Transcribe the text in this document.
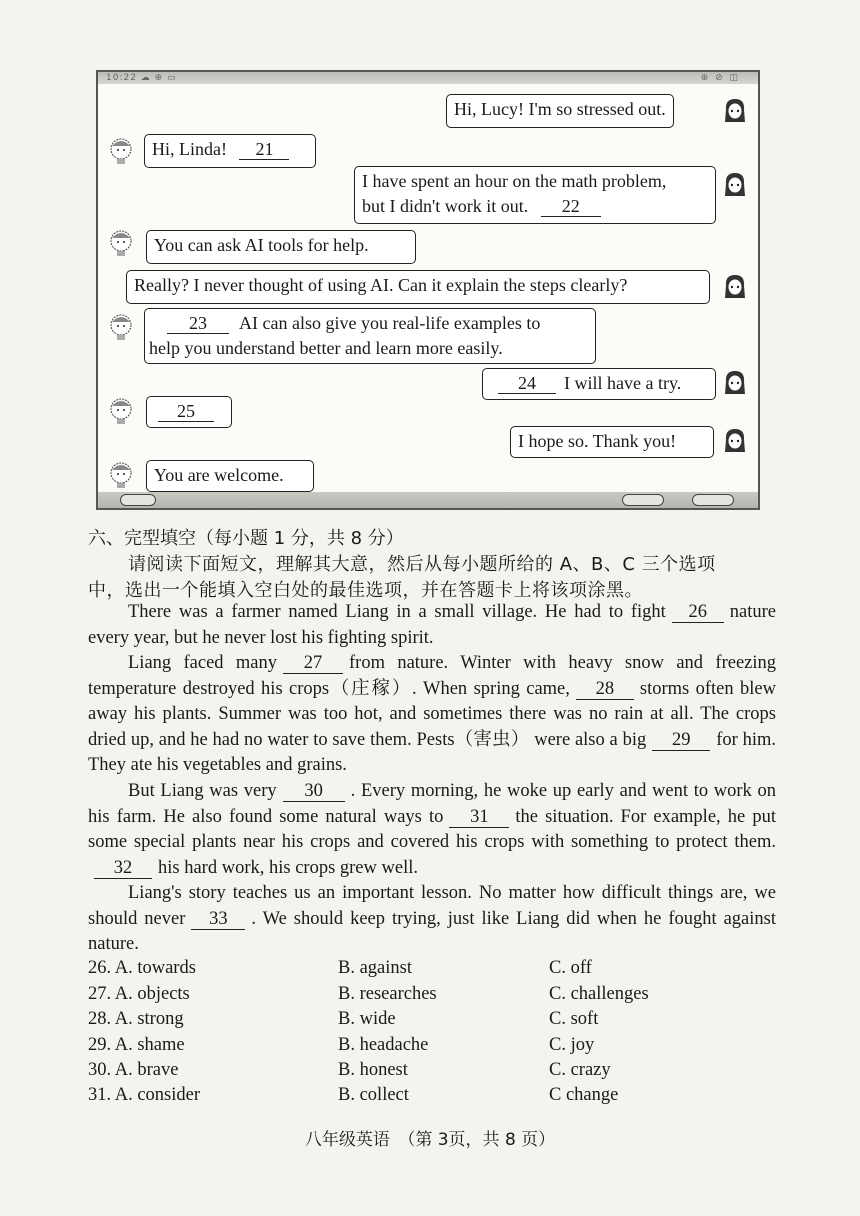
10:22 ☁ ⊕ ▭	⊕ ⊘ ◫
Hi, Lucy! I'm so stressed out.
Hi, Linda! 21
I have spent an hour on the math problem,
but I didn't work it out. 22
You can ask AI tools for help.
Really? I never thought of using AI. Can it explain the steps clearly?
23 AI can also give you real-life examples to
help you understand better and learn more easily.
24 I will have a try.
25
I hope so. Thank you!
You are welcome.
六、完型填空（每小题 1 分，共 8 分）
请阅读下面短文，理解其大意，然后从每小题所给的 A、B、C 三个选项
中，选出一个能填入空白处的最佳选项，并在答题卡上将该项涂黑。
There was a farmer named Liang in a small village. He had to fight 26 nature every year, but he never lost his fighting spirit.
Liang faced many 27 from nature. Winter with heavy snow and freezing temperature destroyed his crops（庄稼）. When spring came, 28 storms often blew away his plants. Summer was too hot, and sometimes there was no rain at all. The crops dried up, and he had no water to save them. Pests（害虫） were also a big 29 for him. They ate his vegetables and grains.
But Liang was very 30 . Every morning, he woke up early and went to work on his farm. He also found some natural ways to 31 the situation. For example, he put some special plants near his crops and covered his crops with something to protect them.32 his hard work, his crops grew well.
Liang's story teaches us an important lesson. No matter how difficult things are, we should never 33 . We should keep trying, just like Liang did when he fought against nature.
26. A. towards	B. against	C. off
27. A. objects	B. researches	C. challenges
28. A. strong	B. wide	C. soft
29. A. shame	B. headache	C. joy
30. A. brave	B. honest	C. crazy
31. A. consider	B. collect	C change
八年级英语　（第 3页，共 8 页）
